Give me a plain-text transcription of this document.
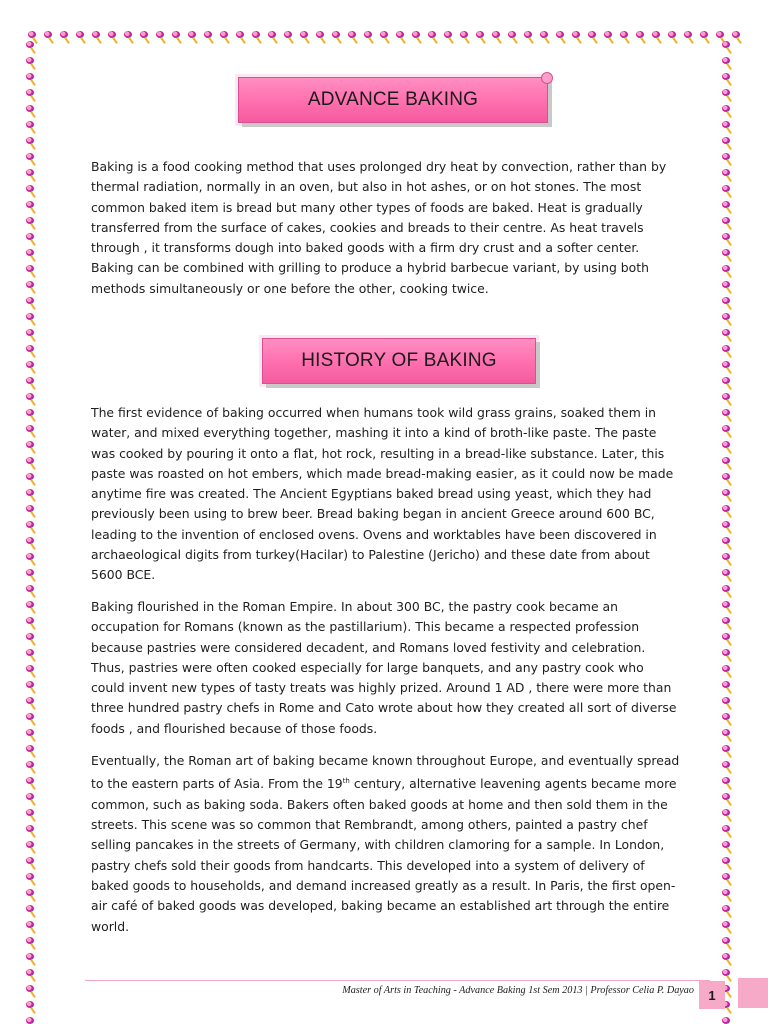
ADVANCE BAKING

Baking is a food cooking method that uses prolonged dry heat by convection, rather than by thermal radiation, normally in an oven, but also in hot ashes, or on hot stones. The most common baked item is bread but many other types of foods are baked. Heat is gradually transferred from the surface of cakes, cookies and breads to their centre. As heat travels through , it transforms dough into baked goods with a firm dry crust and a softer center. Baking can be combined with grilling to produce a hybrid barbecue variant, by using both methods simultaneously or one before the other, cooking twice.

HISTORY OF BAKING

The first evidence of baking occurred when humans took wild grass grains, soaked them in water, and mixed everything together, mashing it into a kind of broth-like paste. The paste was cooked by pouring it onto a flat, hot rock, resulting in a bread-like substance. Later, this paste was roasted on hot embers, which made bread-making easier, as it could now be made anytime fire was created. The Ancient Egyptians baked bread using yeast, which they had previously been using to brew beer. Bread baking began in ancient Greece around 600 BC, leading to the invention of enclosed ovens. Ovens and worktables have been discovered in archaeological digits from turkey(Hacilar) to Palestine (Jericho) and these date from about 5600 BCE.

Baking flourished in the Roman Empire. In about 300 BC, the pastry cook became an occupation for Romans (known as the pastillarium). This became a respected profession because pastries were considered decadent, and Romans loved festivity and celebration. Thus, pastries were often cooked especially for large banquets, and any pastry cook who could invent new types of tasty treats was highly prized. Around 1 AD , there were more than three hundred pastry chefs in Rome and Cato wrote about how they created all sort of diverse foods , and flourished because of those foods.

Eventually, the Roman art of baking became known throughout Europe, and eventually spread to the eastern parts of Asia. From the 19th century, alternative leavening agents became more common, such as baking soda. Bakers often baked goods at home and then sold them in the streets. This scene was so common that Rembrandt, among others, painted a pastry chef selling pancakes in the streets of Germany, with children clamoring for a sample. In London, pastry chefs sold their goods from handcarts. This developed into a system of delivery of baked goods to households, and demand increased greatly as a result. In Paris, the first open-air café of baked goods was developed, baking became an established art through the entire world.

Master of Arts in Teaching - Advance Baking 1st Sem 2013 | Professor Celia P. Dayao	1
